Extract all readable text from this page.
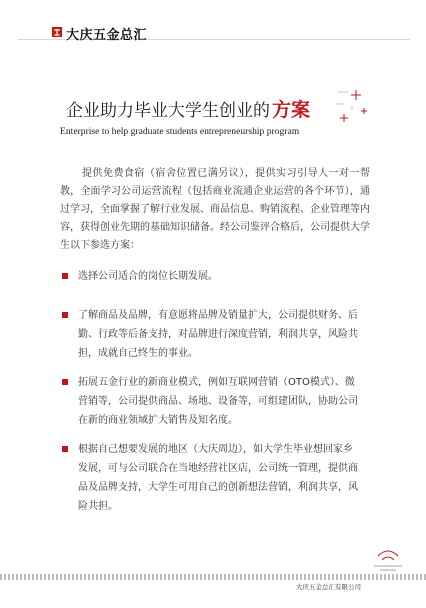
大庆五金总汇
企业助力毕业大学生创业的 方案
Enterprise to help graduate students entrepreneurship program
提供免费食宿（宿舍位置已满另议），提供实习引导人一对一帮教，全面学习公司运营流程（包括商业流通企业运营的各个环节），通过学习，全面掌握了解行业发展、商品信息、购销流程、企业管理等内容，获得创业先期的基础知识储备。经公司鉴评合格后，公司提供大学生以下参选方案：
选择公司适合的岗位长期发展。
了解商品及品牌，有意愿将品牌及销量扩大，公司提供财务、后勤、行政等后备支持，对品牌进行深度营销，利润共享，风险共担，成就自己终生的事业。
拓展五金行业的新商业模式，例如互联网营销（OTO模式）、微营销等，公司提供商品、场地、设备等，可组建团队，协助公司在新的商业领域扩大销售及知名度。
根据自己想要发展的地区（大庆周边），如大学生毕业想回家乡发展，可与公司联合在当地经营社区店，公司统一管理，提供商品及品牌支持，大学生可用自己的创新想法营销，利润共享，风险共担。
大庆五金总汇有限公司
